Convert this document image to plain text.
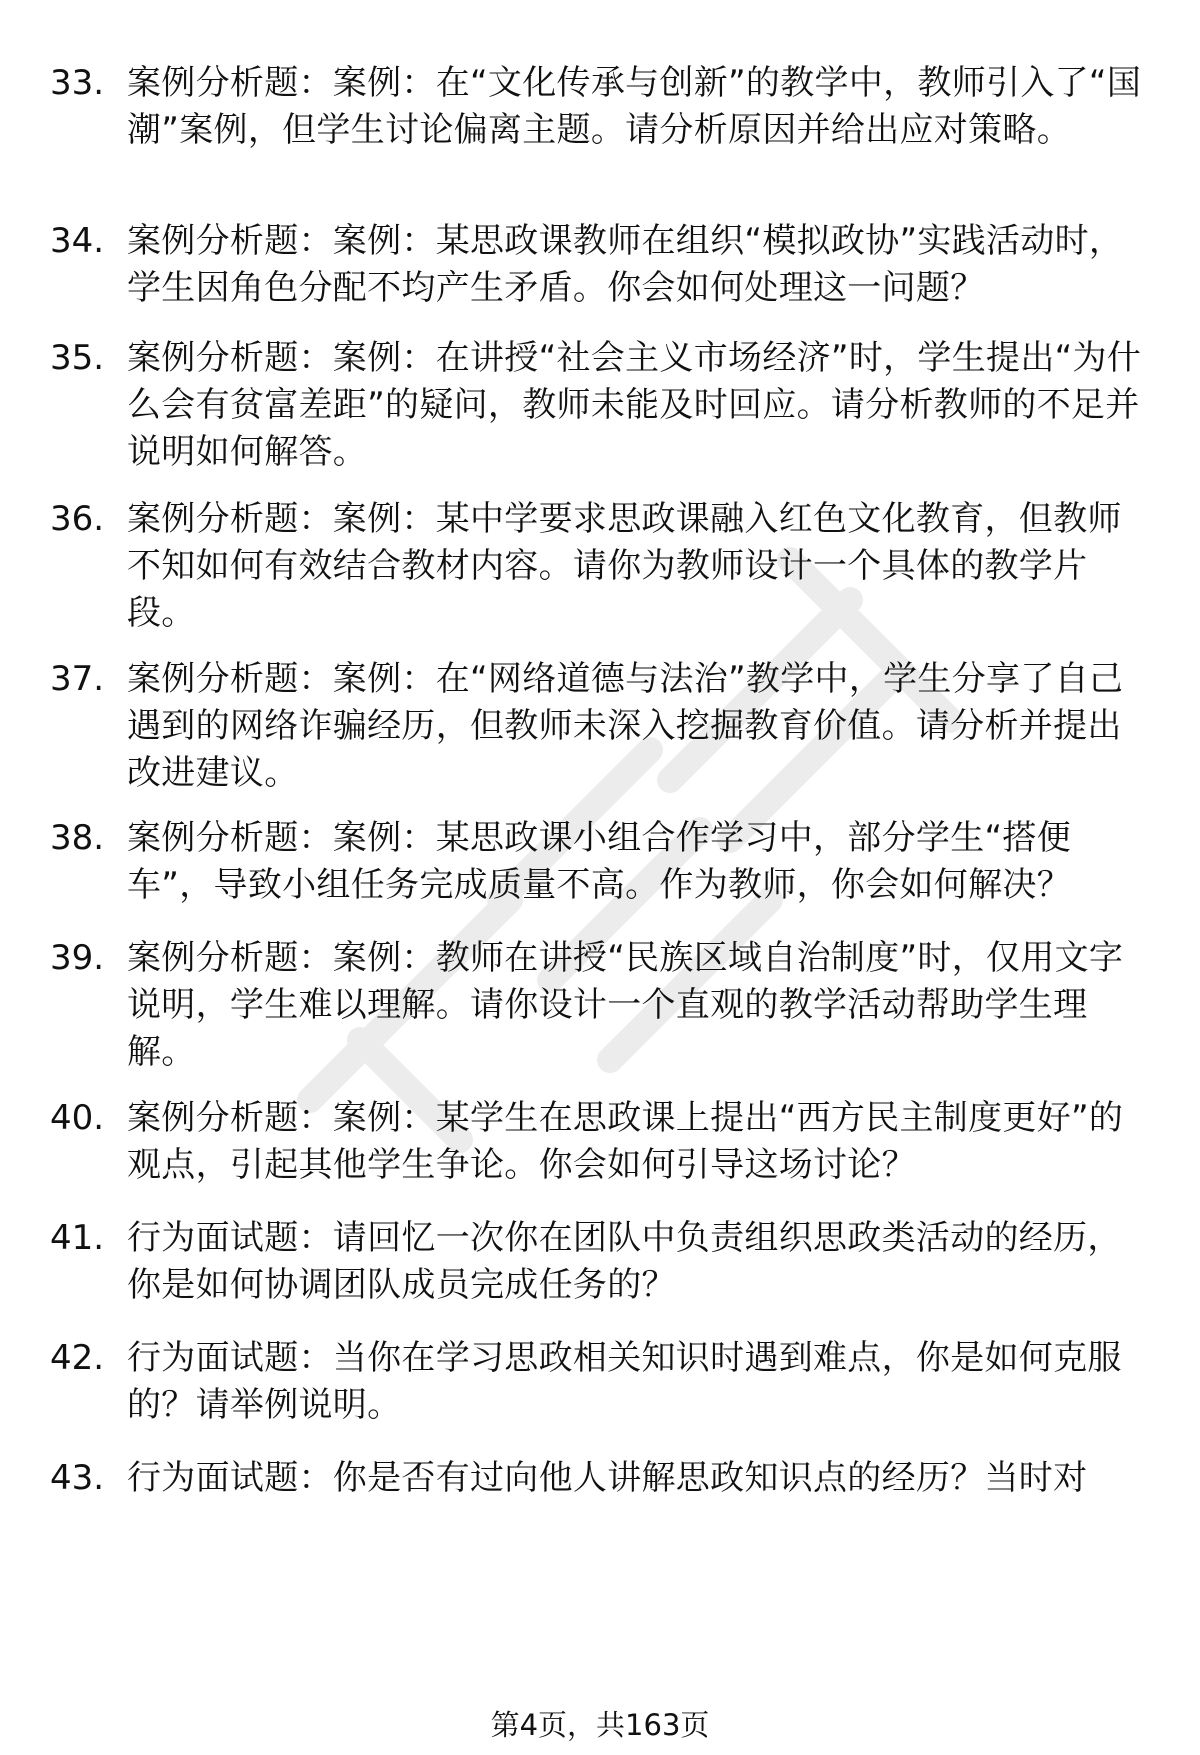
33. 案例分析题：案例：在“文化传承与创新”的教学中，教师引入了“国潮”案例，但学生讨论偏离主题。请分析原因并给出应对策略。
34. 案例分析题：案例：某思政课教师在组织“模拟政协”实践活动时，学生因角色分配不均产生矛盾。你会如何处理这一问题？
35. 案例分析题：案例：在讲授“社会主义市场经济”时，学生提出“为什么会有贫富差距”的疑问，教师未能及时回应。请分析教师的不足并说明如何解答。
36. 案例分析题：案例：某中学要求思政课融入红色文化教育，但教师不知如何有效结合教材内容。请你为教师设计一个具体的教学片段。
37. 案例分析题：案例：在“网络道德与法治”教学中，学生分享了自己遇到的网络诈骗经历，但教师未深入挖掘教育价值。请分析并提出改进建议。
38. 案例分析题：案例：某思政课小组合作学习中，部分学生“搭便车”，导致小组任务完成质量不高。作为教师，你会如何解决？
39. 案例分析题：案例：教师在讲授“民族区域自治制度”时，仅用文字说明，学生难以理解。请你设计一个直观的教学活动帮助学生理解。
40. 案例分析题：案例：某学生在思政课上提出“西方民主制度更好”的观点，引起其他学生争论。你会如何引导这场讨论？
41. 行为面试题：请回忆一次你在团队中负责组织思政类活动的经历，你是如何协调团队成员完成任务的？
42. 行为面试题：当你在学习思政相关知识时遇到难点，你是如何克服的？请举例说明。
43. 行为面试题：你是否有过向他人讲解思政知识点的经历？当时对
第4页，共163页
